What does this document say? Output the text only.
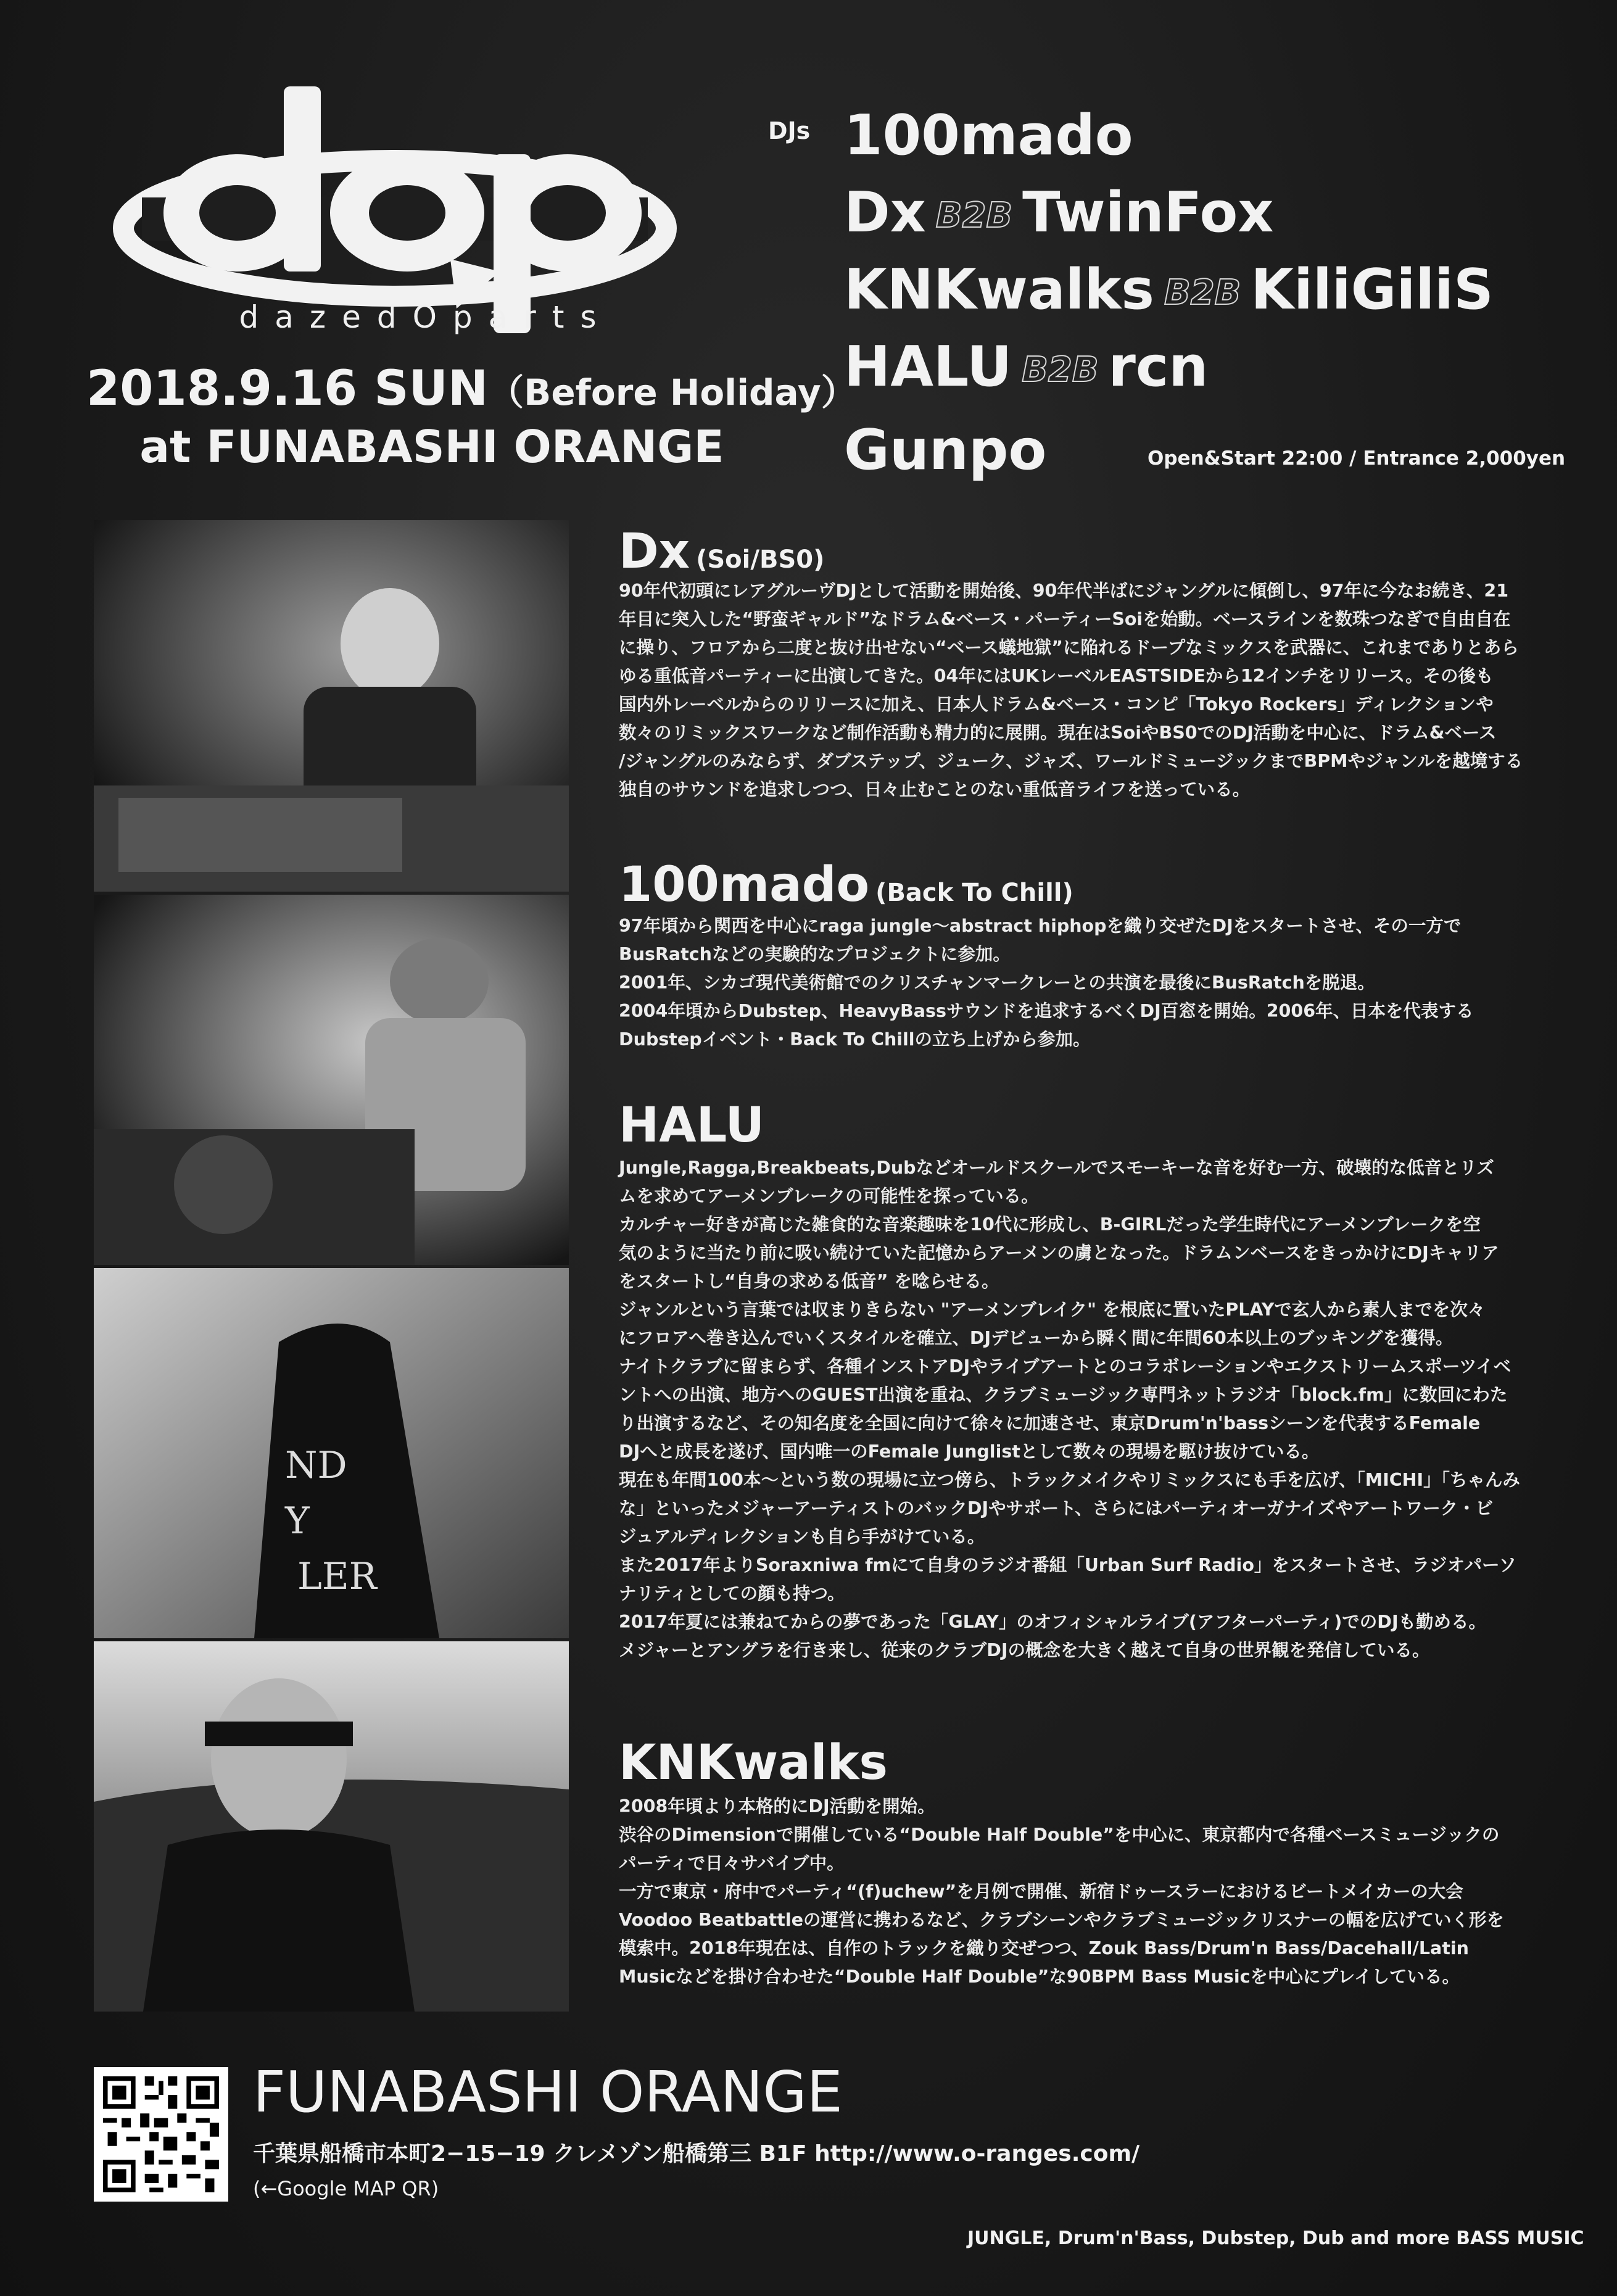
dop
dazedOparts
2018.9.16 SUN（Before Holiday）
at FUNABASHI ORANGE
DJs 100mado
Dx B2B TwinFox
KNKwalks B2B KiliGiliS
HALU B2B rcn
Gunpo	Open&Start 22:00 / Entrance 2,000yen
ND
Y
LER
Dx (Soi/BS0)

90年代初頭にレアグルーヴDJとして活動を開始後、90年代半ばにジャングルに傾倒し、97年に今なお続き、21

年目に突入した“野蛮ギャルド”なドラム&ベース・パーティーSoiを始動。ベースラインを数珠つなぎで自由自在

に操り、フロアから二度と抜け出せない“ベース蟻地獄”に陥れるドープなミックスを武器に、これまでありとあら

ゆる重低音パーティーに出演してきた。04年にはUKレーベルEASTSIDEから12インチをリリース。その後も

国内外レーベルからのリリースに加え、日本人ドラム&ベース・コンピ「Tokyo Rockers」ディレクションや

数々のリミックスワークなど制作活動も精力的に展開。現在はSoiやBS0でのDJ活動を中心に、ドラム&ベース

/ジャングルのみならず、ダブステップ、ジューク、ジャズ、ワールドミュージックまでBPMやジャンルを越境する

独自のサウンドを追求しつつ、日々止むことのない重低音ライフを送っている。

100mado (Back To Chill)

97年頃から関西を中心にraga jungle～abstract hiphopを織り交ぜたDJをスタートさせ、その一方で

BusRatchなどの実験的なプロジェクトに参加。

2001年、シカゴ現代美術館でのクリスチャンマークレーとの共演を最後にBusRatchを脱退。

2004年頃からDubstep、HeavyBassサウンドを追求するべくDJ百窓を開始。2006年、日本を代表する

Dubstepイベント・Back To Chillの立ち上げから参加。

HALU

Jungle,Ragga,Breakbeats,Dubなどオールドスクールでスモーキーな音を好む一方、破壊的な低音とリズ

ムを求めてアーメンブレークの可能性を探っている。

カルチャー好きが高じた雑食的な音楽趣味を10代に形成し、B-GIRLだった学生時代にアーメンブレークを空

気のように当たり前に吸い続けていた記憶からアーメンの虜となった。ドラムンベースをきっかけにDJキャリア

をスタートし“自身の求める低音” を唸らせる。

ジャンルという言葉では収まりきらない "アーメンブレイク" を根底に置いたPLAYで玄人から素人までを次々

にフロアへ巻き込んでいくスタイルを確立、DJデビューから瞬く間に年間60本以上のブッキングを獲得。

ナイトクラブに留まらず、各種インストアDJやライブアートとのコラボレーションやエクストリームスポーツイベ

ントへの出演、地方へのGUEST出演を重ね、クラブミュージック専門ネットラジオ「block.fm」に数回にわた

り出演するなど、その知名度を全国に向けて徐々に加速させ、東京Drum'n'bassシーンを代表するFemale

DJへと成長を遂げ、国内唯一のFemale Junglistとして数々の現場を駆け抜けている。

現在も年間100本～という数の現場に立つ傍ら、トラックメイクやリミックスにも手を広げ、「MICHI」「ちゃんみ

な」といったメジャーアーティストのバックDJやサポート、さらにはパーティオーガナイズやアートワーク・ビ

ジュアルディレクションも自ら手がけている。

また2017年よりSoraxniwa fmにて自身のラジオ番組「Urban Surf Radio」をスタートさせ、ラジオパーソ

ナリティとしての顔も持つ。

2017年夏には兼ねてからの夢であった「GLAY」のオフィシャルライブ(アフターパーティ)でのDJも勤める。

メジャーとアングラを行き来し、従来のクラブDJの概念を大きく越えて自身の世界観を発信している。

KNKwalks

2008年頃より本格的にDJ活動を開始。

渋谷のDimensionで開催している“Double Half Double”を中心に、東京都内で各種ベースミュージックの

パーティで日々サバイブ中。

一方で東京・府中でパーティ“(f)uchew”を月例で開催、新宿ドゥースラーにおけるビートメイカーの大会

Voodoo Beatbattleの運営に携わるなど、クラブシーンやクラブミュージックリスナーの幅を広げていく形を

模索中。2018年現在は、自作のトラックを織り交ぜつつ、Zouk Bass/Drum'n Bass/Dacehall/Latin

Musicなどを掛け合わせた“Double Half Double”な90BPM Bass Musicを中心にプレイしている。

FUNABASHI ORANGE
千葉県船橋市本町2−15−19 クレメゾン船橋第三 B1F http://www.o-ranges.com/
(←Google MAP QR)
JUNGLE, Drum'n'Bass, Dubstep, Dub and more BASS MUSIC
